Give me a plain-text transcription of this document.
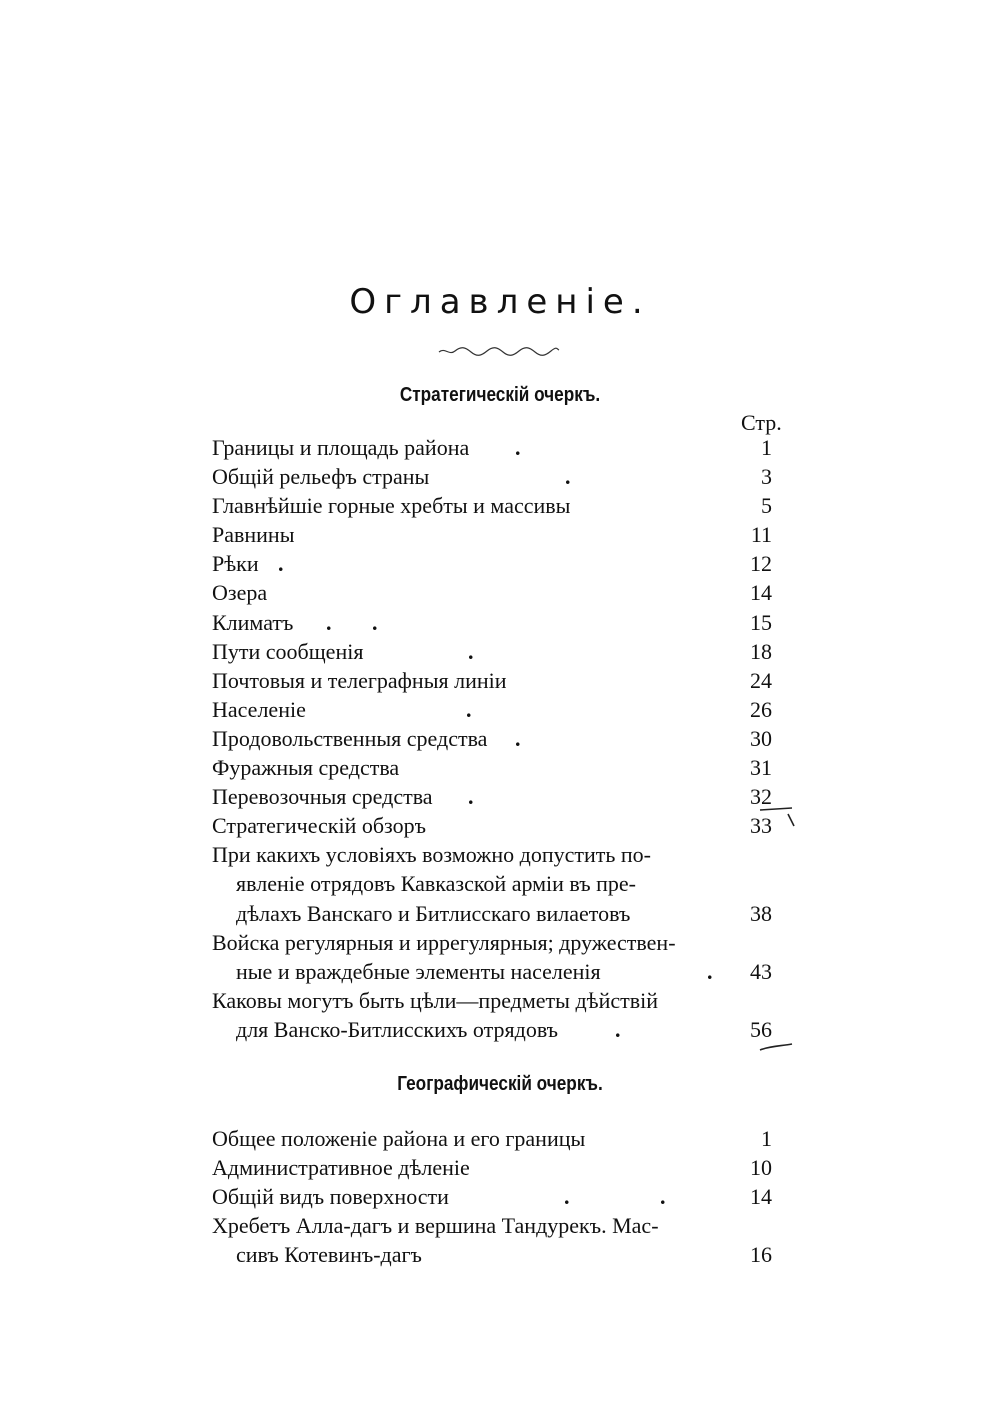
Оглавленіе.
Стратегическій очеркъ.
Стр.
Границы и площадь района	1
.
Общій рельефъ страны	3
.
Главнѣйшіе горные хребты и массивы	5
Равнины	11
Рѣки	12
.
Озера	14
Климатъ	15
. .
Пути сообщенія	18
.
Почтовыя и телеграфныя линіи	24
Населеніе	26
.
Продовольственныя средства	30
.
Фуражныя средства	31
Перевозочныя средства	32
.
Стратегическій обзоръ	33
При какихъ условіяхъ возможно допустить по-
явленіе отрядовъ Кавказской арміи въ пре-
дѣлахъ Ванскаго и Битлисскаго вилаетовъ	38
Войска регулярныя и иррегулярныя; дружествен-
ные и враждебные элементы населенія	43
.
Каковы могутъ быть цѣли—предметы дѣйствій
для Ванско-Битлисскихъ отрядовъ	56
.
Географическій очеркъ.
Общее положеніе района и его границы	1
Административное дѣленіе	10
Общій видъ поверхности	14
.	.
Хребетъ Алла-дагъ и вершина Тандурекъ. Мас-
сивъ Котевинъ-дагъ	16
